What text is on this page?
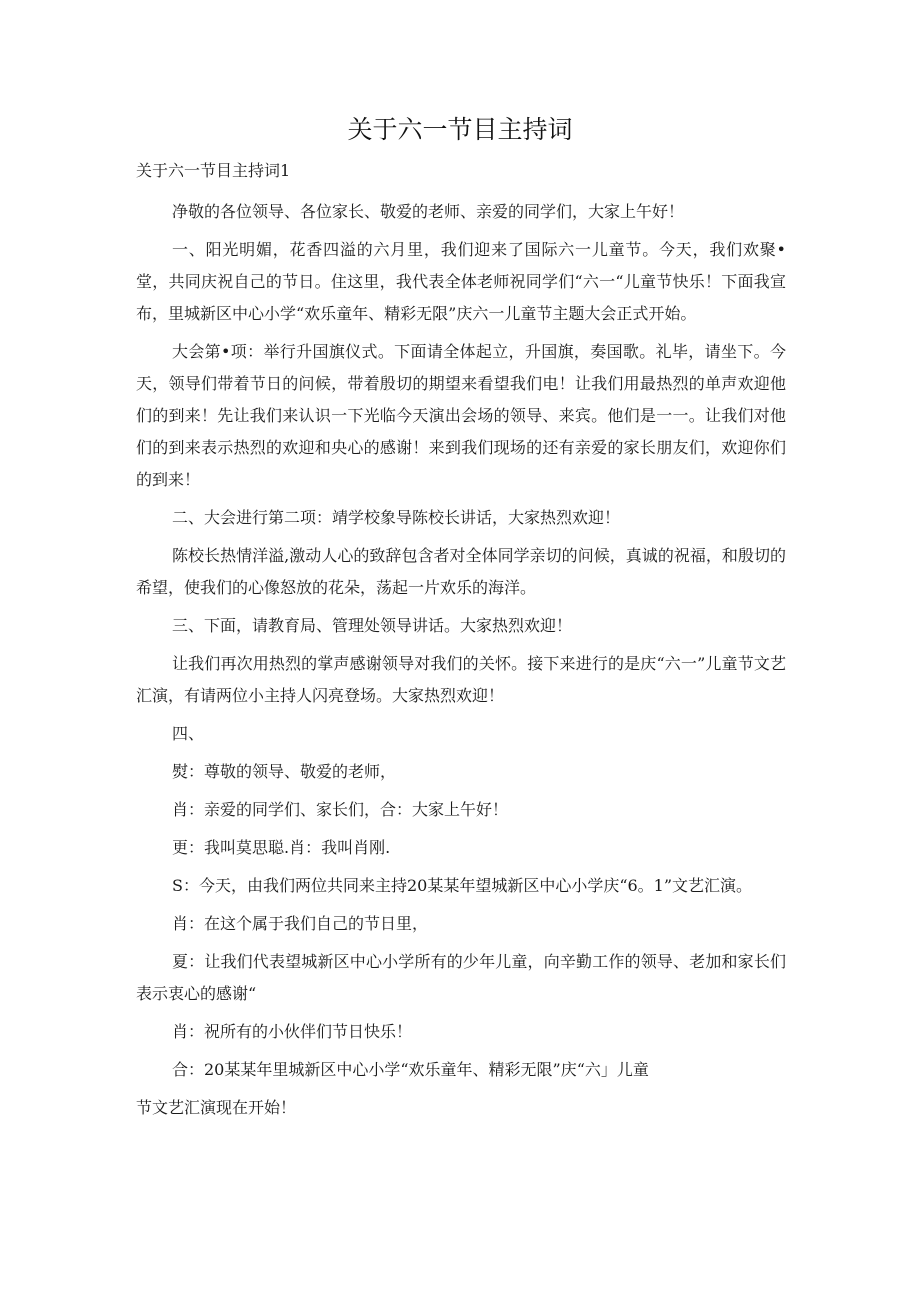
关于六一节目主持词
关于六一节目主持词1

净敬的各位领导、各位家长、敬爱的老师、亲爱的同学们，大家上午好！

一、阳光明媚，花香四溢的六月里，我们迎来了国际六一儿童节。今天，我们欢聚•堂，共同庆祝自己的节日。住这里，我代表全体老师祝同学们“六一“儿童节快乐！下面我宣布，里城新区中心小学“欢乐童年、精彩无限”庆六一儿童节主题大会正式开始。

大会第•项：举行升国旗仪式。下面请全体起立，升国旗，奏国歌。礼毕，请坐下。今天，领导们带着节日的问候，带着殷切的期望来看望我们电！让我们用最热烈的单声欢迎他们的到来！先让我们来认识一下光临今天演出会场的领导、来宾。他们是一一。让我们对他们的到来表示热烈的欢迎和央心的感谢！来到我们现场的还有亲爱的家长朋友们，欢迎你们的到来！

二、大会进行第二项：靖学校象导陈校长讲话，大家热烈欢迎！

陈校长热情洋溢,激动人心的致辞包含者对全体同学亲切的问候，真诚的祝福，和殷切的希望，使我们的心像怒放的花朵，荡起一片欢乐的海洋。

三、下面，请教育局、管理处领导讲话。大家热烈欢迎！

让我们再次用热烈的掌声感谢领导对我们的关怀。接下来进行的是庆“六一”儿童节文艺汇演，有请两位小主持人闪亮登场。大家热烈欢迎！

四、

熨：尊敬的领导、敬爱的老师，

肖：亲爱的同学们、家长们，合：大家上午好！

更：我叫莫思聪.肖：我叫肖刚.

S：今天，由我们两位共同来主持20某某年望城新区中心小学庆“6。1”文艺汇演。

肖：在这个属于我们自己的节日里，

夏：让我们代表望城新区中心小学所有的少年儿童，向辛勤工作的领导、老加和家长们表示衷心的感谢“

肖：祝所有的小伙伴们节日快乐！

合：20某某年里城新区中心小学“欢乐童年、精彩无限”庆“六」儿童

节文艺汇演现在开始！
